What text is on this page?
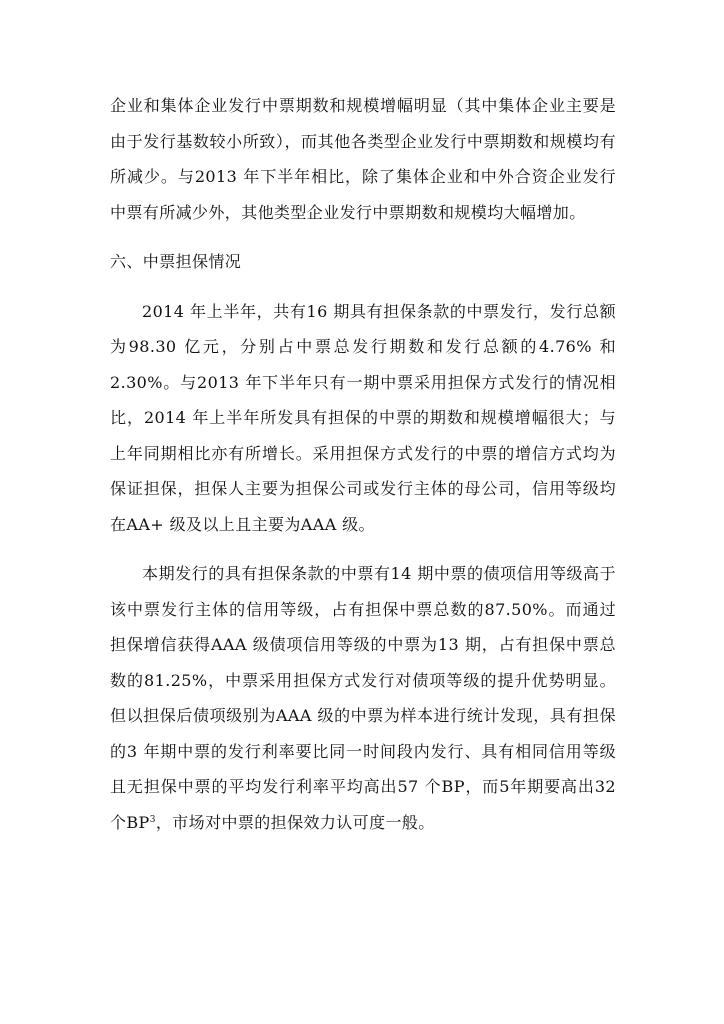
企业和集体企业发行中票期数和规模增幅明显（其中集体企业主要是由于发行基数较小所致），而其他各类型企业发行中票期数和规模均有所减少。与2013 年下半年相比，除了集体企业和中外合资企业发行中票有所减少外，其他类型企业发行中票期数和规模均大幅增加。

六、中票担保情况

2014 年上半年，共有16 期具有担保条款的中票发行，发行总额为98.30 亿元，分别占中票总发行期数和发行总额的4.76% 和2.30%。与2013 年下半年只有一期中票采用担保方式发行的情况相比，2014 年上半年所发具有担保的中票的期数和规模增幅很大；与上年同期相比亦有所增长。采用担保方式发行的中票的增信方式均为保证担保，担保人主要为担保公司或发行主体的母公司，信用等级均在AA+ 级及以上且主要为AAA 级。

本期发行的具有担保条款的中票有14 期中票的债项信用等级高于该中票发行主体的信用等级，占有担保中票总数的87.50%。而通过担保增信获得AAA 级债项信用等级的中票为13 期，占有担保中票总数的81.25%，中票采用担保方式发行对债项等级的提升优势明显。但以担保后债项级别为AAA 级的中票为样本进行统计发现，具有担保的3 年期中票的发行利率要比同一时间段内发行、具有相同信用等级且无担保中票的平均发行利率平均高出57 个BP，而5年期要高出32 个$BP^3$，市场对中票的担保效力认可度一般。
